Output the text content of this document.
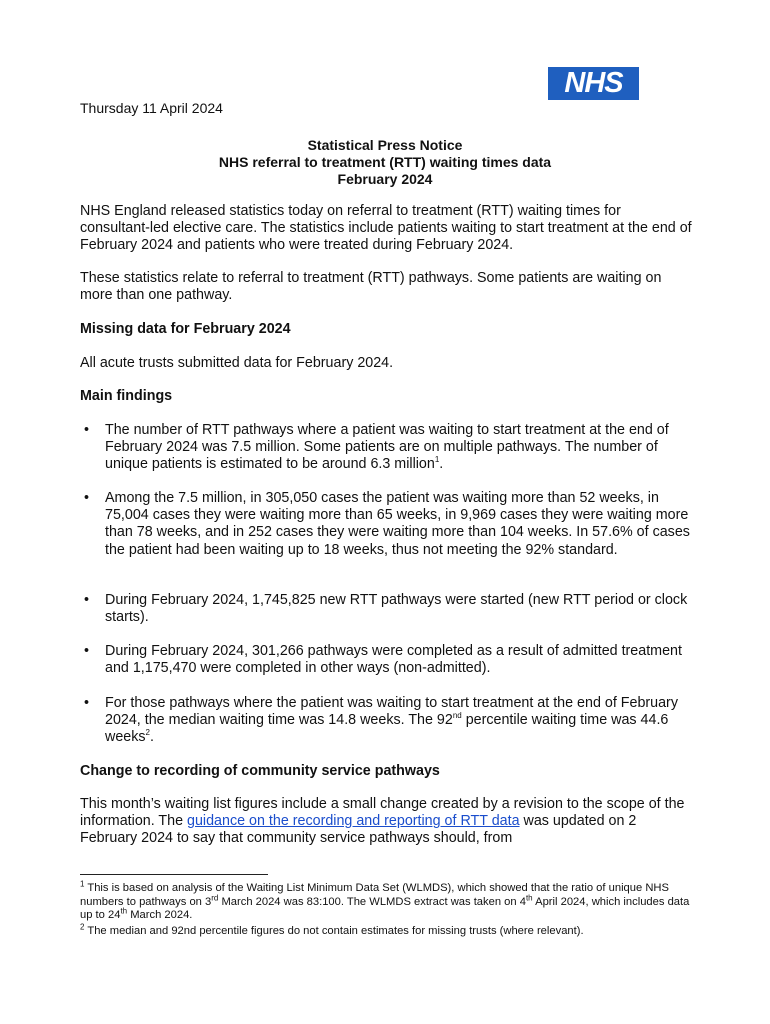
NHS
Thursday 11 April 2024
Statistical Press Notice
NHS referral to treatment (RTT) waiting times data
February 2024
NHS England released statistics today on referral to treatment (RTT) waiting times for consultant-led elective care. The statistics include patients waiting to start treatment at the end of February 2024 and patients who were treated during February 2024.
These statistics relate to referral to treatment (RTT) pathways. Some patients are waiting on more than one pathway.
Missing data for February 2024
All acute trusts submitted data for February 2024.
Main findings
• The number of RTT pathways where a patient was waiting to start treatment at the end of February 2024 was 7.5 million. Some patients are on multiple pathways. The number of unique patients is estimated to be around 6.3 million$^1$.
• Among the 7.5 million, in 305,050 cases the patient was waiting more than 52 weeks, in 75,004 cases they were waiting more than 65 weeks, in 9,969 cases they were waiting more than 78 weeks, and in 252 cases they were waiting more than 104 weeks. In 57.6% of cases the patient had been waiting up to 18 weeks, thus not meeting the 92% standard.
• During February 2024, 1,745,825 new RTT pathways were started (new RTT period or clock starts).
• During February 2024, 301,266 pathways were completed as a result of admitted treatment and 1,175,470 were completed in other ways (non-admitted).
• For those pathways where the patient was waiting to start treatment at the end of February 2024, the median waiting time was 14.8 weeks. The 92nd percentile waiting time was 44.6 weeks$^2$.
Change to recording of community service pathways
This month’s waiting list figures include a small change created by a revision to the scope of the information. The guidance on the recording and reporting of RTT data was updated on 2 February 2024 to say that community service pathways should, from
$^1$ This is based on analysis of the Waiting List Minimum Data Set (WLMDS), which showed that the ratio of unique NHS numbers to pathways on 3rd March 2024 was 83:100. The WLMDS extract was taken on 4th April 2024, which includes data up to 24th March 2024.
$^2$ The median and 92nd percentile figures do not contain estimates for missing trusts (where relevant).
